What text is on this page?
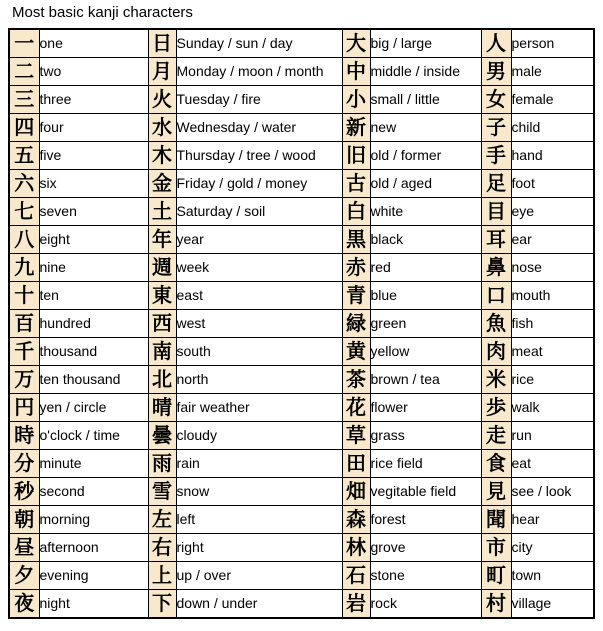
Most basic kanji characters
一	one	日	Sunday / sun / day	大	big / large	人	person
二	two	月	Monday / moon / month	中	middle / inside	男	male
三	three	火	Tuesday / fire	小	small / little	女	female
四	four	水	Wednesday / water	新	new	子	child
五	five	木	Thursday / tree / wood	旧	old / former	手	hand
六	six	金	Friday / gold / money	古	old / aged	足	foot
七	seven	土	Saturday / soil	白	white	目	eye
八	eight	年	year	黒	black	耳	ear
九	nine	週	week	赤	red	鼻	nose
十	ten	東	east	青	blue	口	mouth
百	hundred	西	west	緑	green	魚	fish
千	thousand	南	south	黄	yellow	肉	meat
万	ten thousand	北	north	茶	brown / tea	米	rice
円	yen / circle	晴	fair weather	花	flower	歩	walk
時	o'clock / time	曇	cloudy	草	grass	走	run
分	minute	雨	rain	田	rice field	食	eat
秒	second	雪	snow	畑	vegitable field	見	see / look
朝	morning	左	left	森	forest	聞	hear
昼	afternoon	右	right	林	grove	市	city
夕	evening	上	up / over	石	stone	町	town
夜	night	下	down / under	岩	rock	村	village
